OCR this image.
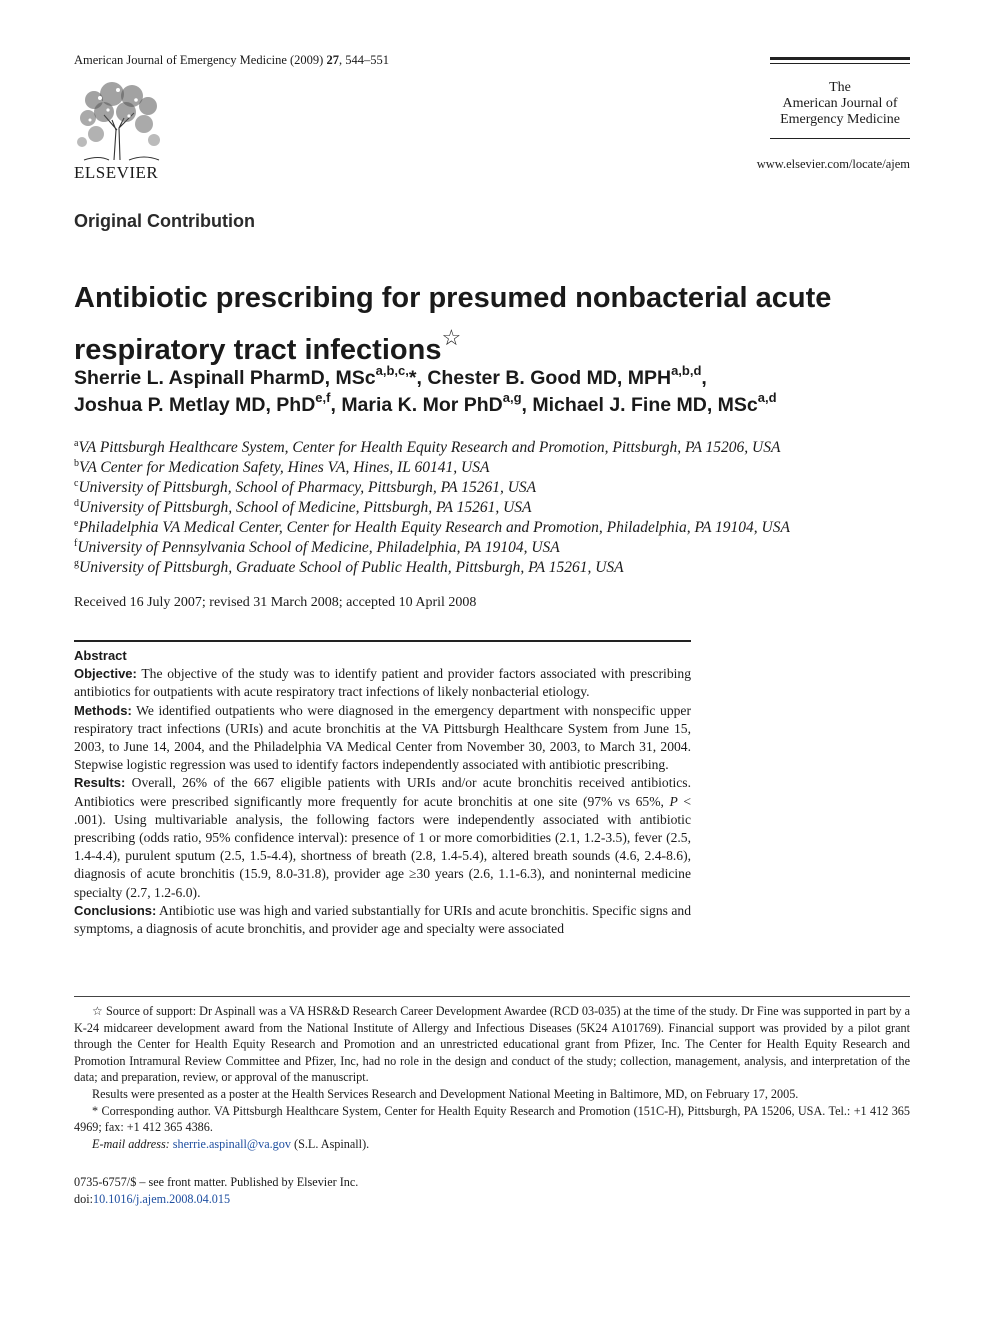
American Journal of Emergency Medicine (2009) 27, 544–551
ELSEVIER
The
American Journal of
Emergency Medicine
www.elsevier.com/locate/ajem
Original Contribution
Antibiotic prescribing for presumed nonbacterial acute
respiratory tract infections☆
Sherrie L. Aspinall PharmD, MSc$^{a,b,c,}$*, Chester B. Good MD, MPH$^{a,b,d}$,
Joshua P. Metlay MD, PhD$^{e,f}$, Maria K. Mor PhD$^{a,g}$, Michael J. Fine MD, MSc$^{a,d}$
$^a$VA Pittsburgh Healthcare System, Center for Health Equity Research and Promotion, Pittsburgh, PA 15206, USA
$^b$VA Center for Medication Safety, Hines VA, Hines, IL 60141, USA
$^c$University of Pittsburgh, School of Pharmacy, Pittsburgh, PA 15261, USA
$^d$University of Pittsburgh, School of Medicine, Pittsburgh, PA 15261, USA
$^e$Philadelphia VA Medical Center, Center for Health Equity Research and Promotion, Philadelphia, PA 19104, USA
$^f$University of Pennsylvania School of Medicine, Philadelphia, PA 19104, USA
$^g$University of Pittsburgh, Graduate School of Public Health, Pittsburgh, PA 15261, USA
Received 16 July 2007; revised 31 March 2008; accepted 10 April 2008

Abstract

Objective: The objective of the study was to identify patient and provider factors associated with prescribing antibiotics for outpatients with acute respiratory tract infections of likely nonbacterial etiology.

Methods: We identified outpatients who were diagnosed in the emergency department with nonspecific upper respiratory tract infections (URIs) and acute bronchitis at the VA Pittsburgh Healthcare System from June 15, 2003, to June 14, 2004, and the Philadelphia VA Medical Center from November 30, 2003, to March 31, 2004. Stepwise logistic regression was used to identify factors independently associated with antibiotic prescribing.

Results: Overall, 26% of the 667 eligible patients with URIs and/or acute bronchitis received antibiotics. Antibiotics were prescribed significantly more frequently for acute bronchitis at one site (97% vs 65%, P < .001). Using multivariable analysis, the following factors were independently associated with antibiotic prescribing (odds ratio, 95% confidence interval): presence of 1 or more comorbidities (2.1, 1.2-3.5), fever (2.5, 1.4-4.4), purulent sputum (2.5, 1.5-4.4), shortness of breath (2.8, 1.4-5.4), altered breath sounds (4.6, 2.4-8.6), diagnosis of acute bronchitis (15.9, 8.0-31.8), provider age ≥30 years (2.6, 1.1-6.3), and noninternal medicine specialty (2.7, 1.2-6.0).

Conclusions: Antibiotic use was high and varied substantially for URIs and acute bronchitis. Specific signs and symptoms, a diagnosis of acute bronchitis, and provider age and specialty were associated

☆ Source of support: Dr Aspinall was a VA HSR&D Research Career Development Awardee (RCD 03-035) at the time of the study. Dr Fine was supported in part by a K-24 midcareer development award from the National Institute of Allergy and Infectious Diseases (5K24 A101769). Financial support was provided by a pilot grant through the Center for Health Equity Research and Promotion and an unrestricted educational grant from Pfizer, Inc. The Center for Health Equity Research and Promotion Intramural Review Committee and Pfizer, Inc, had no role in the design and conduct of the study; collection, management, analysis, and interpretation of the data; and preparation, review, or approval of the manuscript.

Results were presented as a poster at the Health Services Research and Development National Meeting in Baltimore, MD, on February 17, 2005.

* Corresponding author. VA Pittsburgh Healthcare System, Center for Health Equity Research and Promotion (151C-H), Pittsburgh, PA 15206, USA. Tel.: +1 412 365 4969; fax: +1 412 365 4386.

E-mail address: sherrie.aspinall@va.gov (S.L. Aspinall).

0735-6757/$ – see front matter. Published by Elsevier Inc.
doi:10.1016/j.ajem.2008.04.015
